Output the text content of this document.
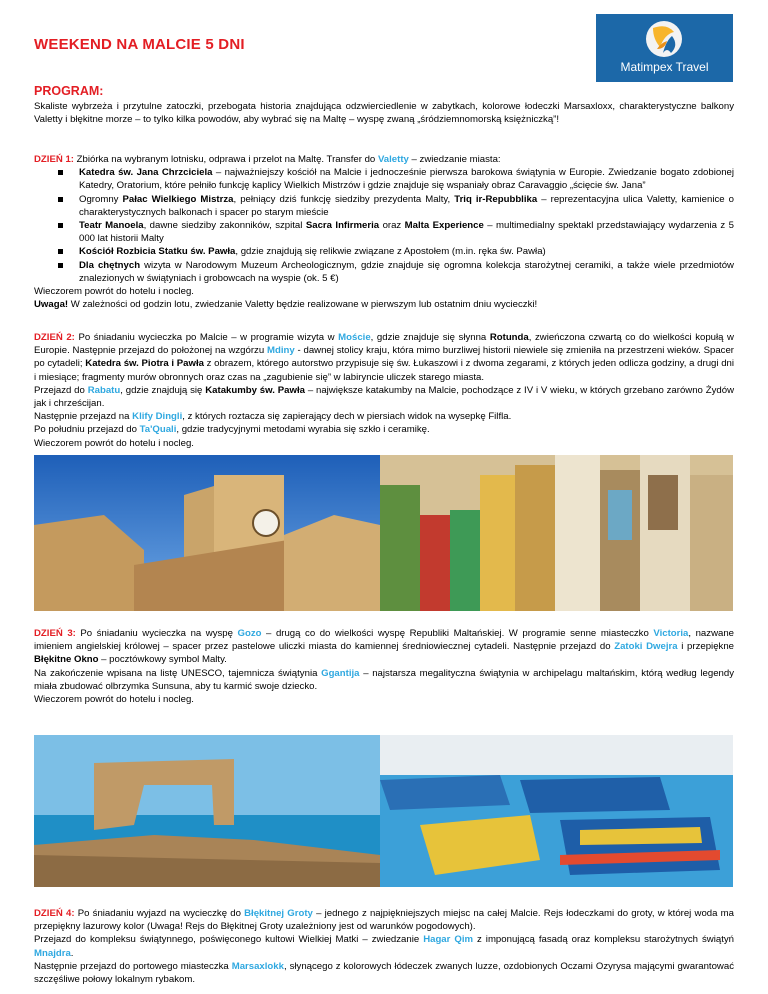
WEEKEND NA MALCIE 5 DNI
Matimpex Travel
PROGRAM:

Skaliste wybrzeża i przytulne zatoczki, przebogata historia znajdująca odzwierciedlenie w zabytkach, kolorowe łodeczki Marsaxloxx, charakterystyczne balkony Valetty i błękitne morze – to tylko kilka powodów, aby wybrać się na Maltę – wyspę zwaną „śródziemnomorską księżniczką”!

DZIEŃ 1: Zbiórka na wybranym lotnisku, odprawa i przelot na Maltę. Transfer do Valetty – zwiedzanie miasta:

Katedra św. Jana Chrzciciela – najważniejszy kościół na Malcie i jednocześnie pierwsza barokowa świątynia w Europie. Zwiedzanie bogato zdobionej Katedry, Oratorium, które pełniło funkcję kaplicy Wielkich Mistrzów i gdzie znajduje się wspaniały obraz Caravaggio „ścięcie św. Jana”
Ogromny Pałac Wielkiego Mistrza, pełniący dziś funkcję siedziby prezydenta Malty, Triq ir-Repubblika – reprezentacyjna ulica Valetty, kamienice o charakterystycznych balkonach i spacer po starym mieście
Teatr Manoela, dawne siedziby zakonników, szpital Sacra Infirmeria oraz Malta Experience – multimedialny spektakl przedstawiający wydarzenia z 5 000 lat historii Malty
Kościół Rozbicia Statku św. Pawła, gdzie znajdują się relikwie związane z Apostołem (m.in. ręka św. Pawła)
Dla chętnych wizyta w Narodowym Muzeum Archeologicznym, gdzie znajduje się ogromna kolekcja starożytnej ceramiki, a także wiele przedmiotów znalezionych w świątyniach i grobowcach na wyspie (ok. 5 €)

Wieczorem powrót do hotelu i nocleg.

Uwaga! W zależności od godzin lotu, zwiedzanie Valetty będzie realizowane w pierwszym lub ostatnim dniu wycieczki!

DZIEŃ 2: Po śniadaniu wycieczka po Malcie – w programie wizyta w Moście, gdzie znajduje się słynna Rotunda, zwieńczona czwartą co do wielkości kopułą w Europie. Następnie przejazd do położonej na wzgórzu Mdiny - dawnej stolicy kraju, która mimo burzliwej historii niewiele się zmieniła na przestrzeni wieków. Spacer po cytadeli; Katedra św. Piotra i Pawła z obrazem, którego autorstwo przypisuje się św. Łukaszowi i z dwoma zegarami, z których jeden odlicza godziny, a drugi dni i miesiące; fragmenty murów obronnych oraz czas na „zagubienie się” w labiryncie uliczek starego miasta.

Przejazd do Rabatu, gdzie znajdują się Katakumby św. Pawła – największe katakumby na Malcie, pochodzące z IV i V wieku, w których grzebano zarówno Żydów jak i chrześcijan.

Następnie przejazd na Klify Dingli, z których roztacza się zapierający dech w piersiach widok na wysepkę Filfla.

Po południu przejazd do Ta'Quali, gdzie tradycyjnymi metodami wyrabia się szkło i ceramikę.

Wieczorem powrót do hotelu i nocleg.

DZIEŃ 3: Po śniadaniu wycieczka na wyspę Gozo – drugą co do wielkości wyspę Republiki Maltańskiej. W programie senne miasteczko Victoria, nazwane imieniem angielskiej królowej – spacer przez pastelowe uliczki miasta do kamiennej średniowiecznej cytadeli. Następnie przejazd do Zatoki Dwejra i przepiękne Błękitne Okno – pocztówkowy symbol Malty.

Na zakończenie wpisana na listę UNESCO, tajemnicza świątynia Ggantija – najstarsza megalityczna świątynia w archipelagu maltańskim, którą według legendy miała zbudować olbrzymka Sunsuna, aby tu karmić swoje dziecko.

Wieczorem powrót do hotelu i nocleg.

DZIEŃ 4: Po śniadaniu wyjazd na wycieczkę do Błękitnej Groty – jednego z najpiękniejszych miejsc na całej Malcie. Rejs łodeczkami do groty, w której woda ma przepiękny lazurowy kolor (Uwaga! Rejs do Błękitnej Groty uzależniony jest od warunków pogodowych).

Przejazd do kompleksu świątynnego, poświęconego kultowi Wielkiej Matki – zwiedzanie Hagar Qim z imponującą fasadą oraz kompleksu starożytnych świątyń Mnajdra.

Następnie przejazd do portowego miasteczka Marsaxlokk, słynącego z kolorowych łódeczek zwanych luzze, ozdobionych Oczami Ozyrysa mającymi gwarantować szczęśliwe połowy lokalnym rybakom.
